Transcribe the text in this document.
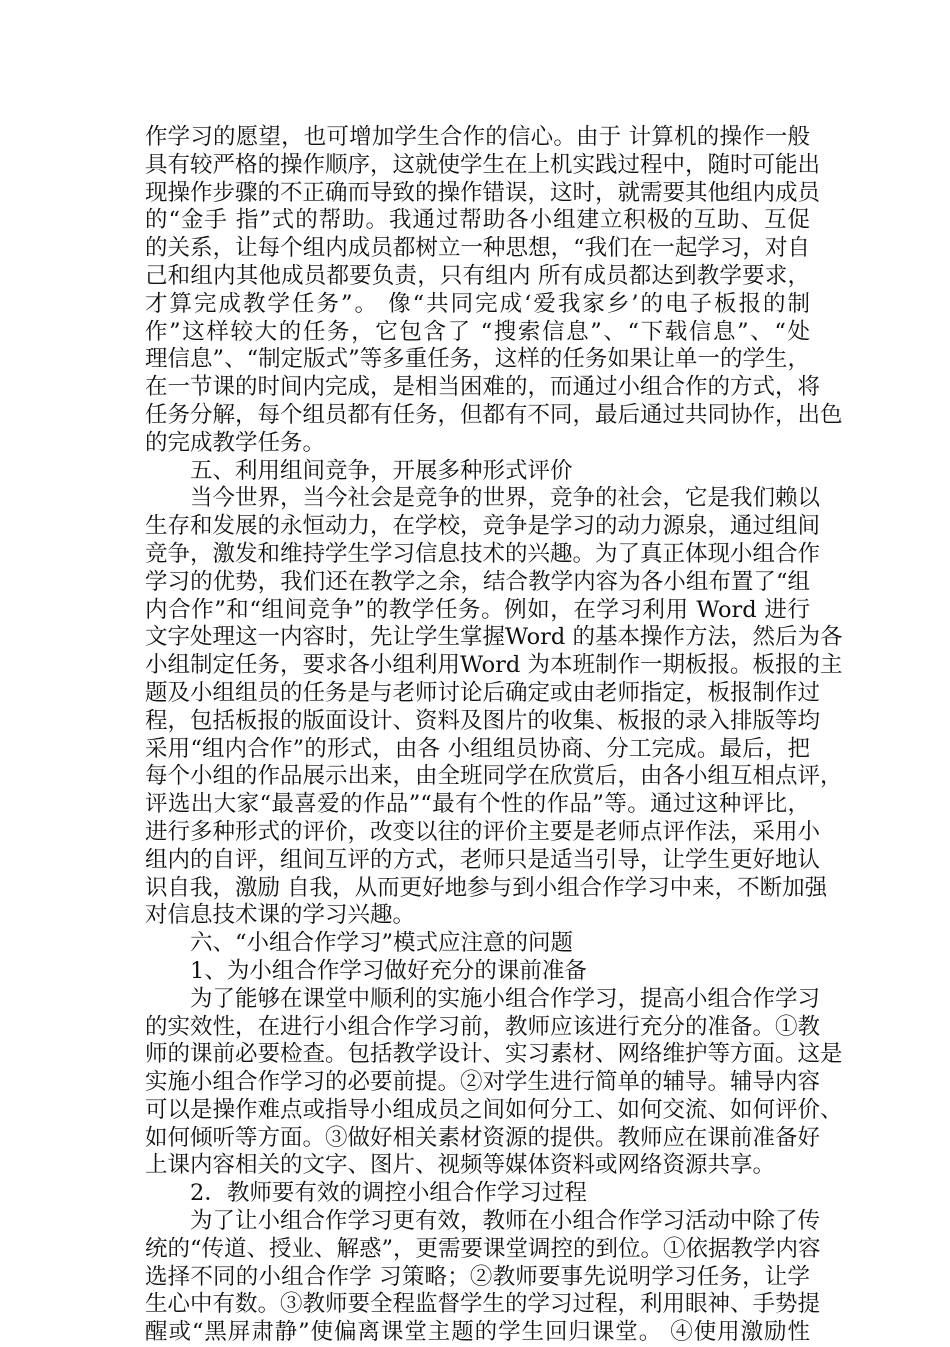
作学习的愿望，也可增加学生合作的信心。由于 计算机的操作一般
具有较严格的操作顺序，这就使学生在上机实践过程中，随时可能出
现操作步骤的不正确而导致的操作错误，这时，就需要其他组内成员
的“金手 指”式的帮助。我通过帮助各小组建立积极的互助、互促
的关系，让每个组内成员都树立一种思想，“我们在一起学习，对自
己和组内其他成员都要负责，只有组内 所有成员都达到教学要求，
才算完成教学任务”。 像“共同完成‘爱我家乡’的电子板报的制
作”这样较大的任务，它包含了 “搜索信息”、“下载信息”、“处
理信息”、“制定版式”等多重任务，这样的任务如果让单一的学生，
在一节课的时间内完成，是相当困难的，而通过小组合作的方式，将
任务分解，每个组员都有任务，但都有不同，最后通过共同协作，出色
的完成教学任务。
五、利用组间竞争，开展多种形式评价
当今世界，当今社会是竞争的世界，竞争的社会，它是我们赖以
生存和发展的永恒动力，在学校，竞争是学习的动力源泉，通过组间
竞争，激发和维持学生学习信息技术的兴趣。为了真正体现小组合作
学习的优势，我们还在教学之余，结合教学内容为各小组布置了“组
内合作”和“组间竞争”的教学任务。例如，在学习利用 Word 进行
文字处理这一内容时，先让学生掌握Word 的基本操作方法，然后为各
小组制定任务，要求各小组利用Word 为本班制作一期板报。板报的主
题及小组组员的任务是与老师讨论后确定或由老师指定，板报制作过
程，包括板报的版面设计、资料及图片的收集、板报的录入排版等均
采用“组内合作”的形式，由各 小组组员协商、分工完成。最后，把
每个小组的作品展示出来，由全班同学在欣赏后，由各小组互相点评，
评选出大家“最喜爱的作品”“最有个性的作品”等。通过这种评比，
进行多种形式的评价，改变以往的评价主要是老师点评作法，采用小
组内的自评，组间互评的方式，老师只是适当引导，让学生更好地认
识自我，激励 自我，从而更好地参与到小组合作学习中来，不断加强
对信息技术课的学习兴趣。
六、“小组合作学习”模式应注意的问题
1、为小组合作学习做好充分的课前准备
为了能够在课堂中顺利的实施小组合作学习，提高小组合作学习
的实效性，在进行小组合作学习前，教师应该进行充分的准备。①教
师的课前必要检查。包括教学设计、实习素材、网络维护等方面。这是
实施小组合作学习的必要前提。②对学生进行简单的辅导。辅导内容
可以是操作难点或指导小组成员之间如何分工、如何交流、如何评价、
如何倾听等方面。③做好相关素材资源的提供。教师应在课前准备好
上课内容相关的文字、图片、视频等媒体资料或网络资源共享。
2．教师要有效的调控小组合作学习过程
为了让小组合作学习更有效，教师在小组合作学习活动中除了传
统的“传道、授业、解惑”，更需要课堂调控的到位。①依据教学内容
选择不同的小组合作学 习策略；②教师要事先说明学习任务，让学
生心中有数。③教师要全程监督学生的学习过程，利用眼神、手势提
醒或“黑屏肃静”使偏离课堂主题的学生回归课堂。 ④使用激励性
